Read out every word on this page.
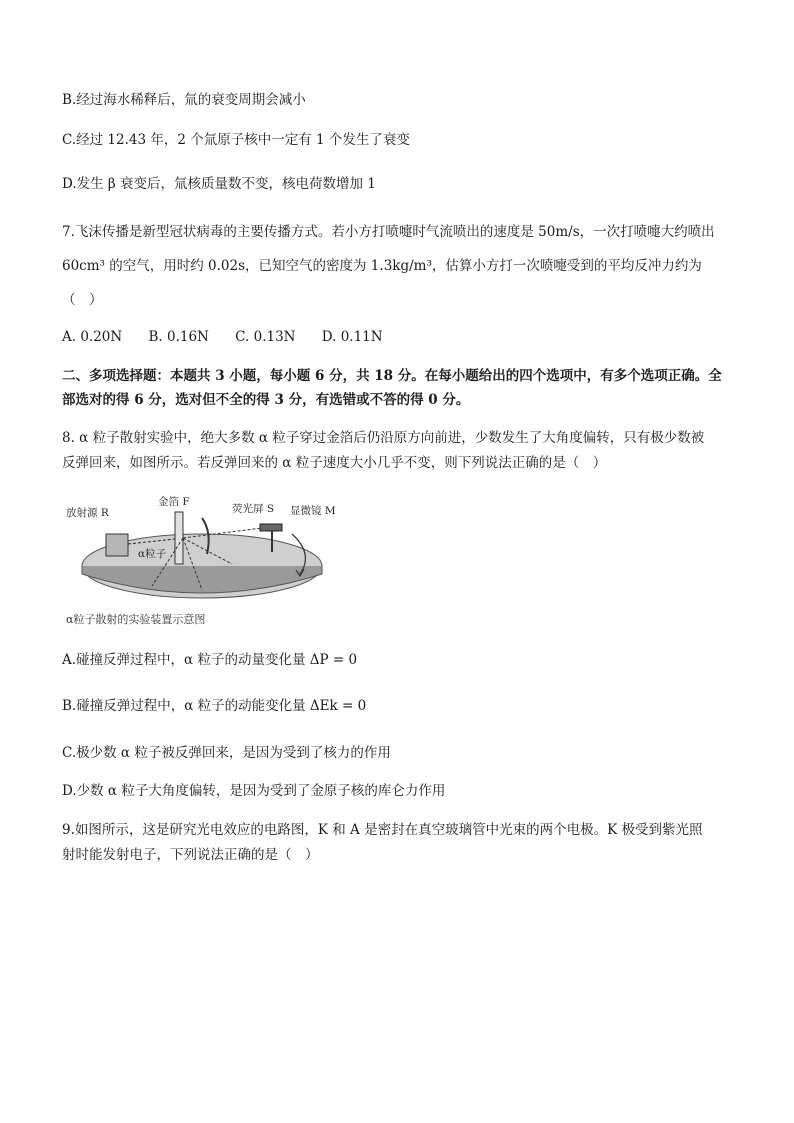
B.经过海水稀释后，氚的衰变周期会减小
C.经过 12.43 年，2 个氚原子核中一定有 1 个发生了衰变
D.发生 β 衰变后，氚核质量数不变，核电荷数增加 1
7.飞沫传播是新型冠状病毒的主要传播方式。若小方打喷嚏时气流喷出的速度是 50m/s，一次打喷嚏大约喷出
60cm³ 的空气，用时约 0.02s，已知空气的密度为 1.3kg/m³，估算小方打一次喷嚏受到的平均反冲力约为
（　）
A. 0.20N B. 0.16N C. 0.13N D. 0.11N
二、多项选择题：本题共 3 小题，每小题 6 分，共 18 分。在每小题给出的四个选项中，有多个选项正确。全
部选对的得 6 分，选对但不全的得 3 分，有选错或不答的得 0 分。
8. α 粒子散射实验中，绝大多数 α 粒子穿过金箔后仍沿原方向前进，少数发生了大角度偏转，只有极少数被
反弹回来，如图所示。若反弹回来的 α 粒子速度大小几乎不变，则下列说法正确的是（　）
放射源 R
金箔 F
荧光屏 S 显微镜 M
α粒子
α粒子散射的实验装置示意图
A.碰撞反弹过程中，α 粒子的动量变化量 ΔP = 0
B.碰撞反弹过程中，α 粒子的动能变化量 ΔEk = 0
C.极少数 α 粒子被反弹回来，是因为受到了核力的作用
D.少数 α 粒子大角度偏转，是因为受到了金原子核的库仑力作用
9.如图所示，这是研究光电效应的电路图，K 和 A 是密封在真空玻璃管中光束的两个电极。K 极受到紫光照
射时能发射电子，下列说法正确的是（　）
